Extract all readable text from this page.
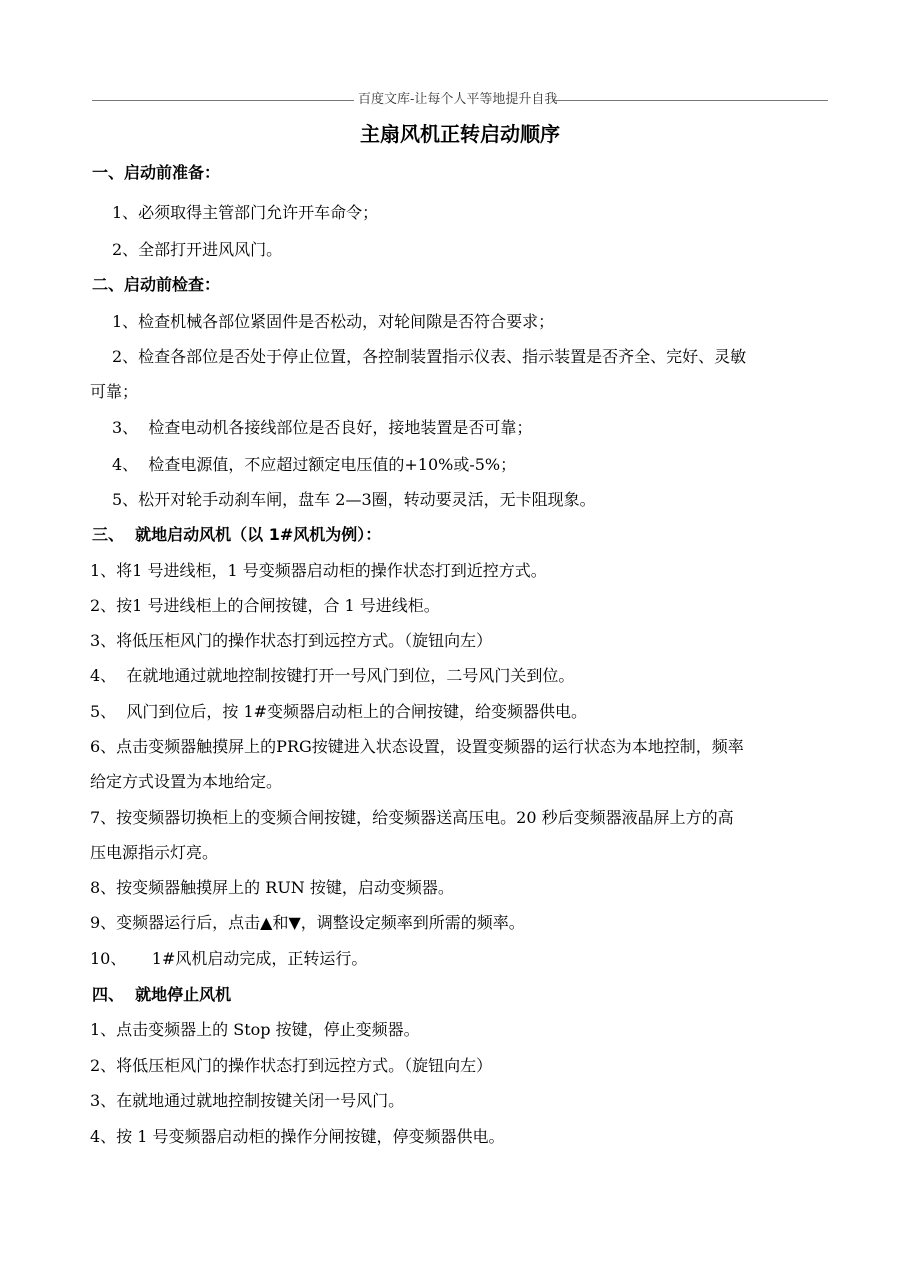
百度文库-让每个人平等地提升自我
主扇风机正转启动顺序
一、启动前准备：
1、必须取得主管部门允许开车命令；
2、全部打开进风风门。
二、启动前检查：
1、检查机械各部位紧固件是否松动，对轮间隙是否符合要求；
2、检查各部位是否处于停止位置，各控制装置指示仪表、指示装置是否齐全、完好、灵敏
可靠；
3、  检查电动机各接线部位是否良好，接地装置是否可靠；
4、  检查电源值，不应超过额定电压值的+10%或-5%；
5、松开对轮手动刹车闸，盘车 2—3圈，转动要灵活，无卡阻现象。
三、  就地启动风机（以 1#风机为例）：
1、将1 号进线柜，1 号变频器启动柜的操作状态打到近控方式。
2、按1 号进线柜上的合闸按键，合 1 号进线柜。
3、将低压柜风门的操作状态打到远控方式。（旋钮向左）
4、  在就地通过就地控制按键打开一号风门到位，二号风门关到位。
5、  风门到位后，按 1#变频器启动柜上的合闸按键，给变频器供电。
6、点击变频器触摸屏上的PRG按键进入状态设置，设置变频器的运行状态为本地控制，频率
给定方式设置为本地给定。
7、按变频器切换柜上的变频合闸按键，给变频器送高压电。20 秒后变频器液晶屏上方的高
压电源指示灯亮。
8、按变频器触摸屏上的 RUN 按键，启动变频器。
9、变频器运行后，点击▲和▼，调整设定频率到所需的频率。
10、     1#风机启动完成，正转运行。
四、  就地停止风机
1、点击变频器上的 Stop 按键，停止变频器。
2、将低压柜风门的操作状态打到远控方式。（旋钮向左）
3、在就地通过就地控制按键关闭一号风门。
4、按 1 号变频器启动柜的操作分闸按键，停变频器供电。
